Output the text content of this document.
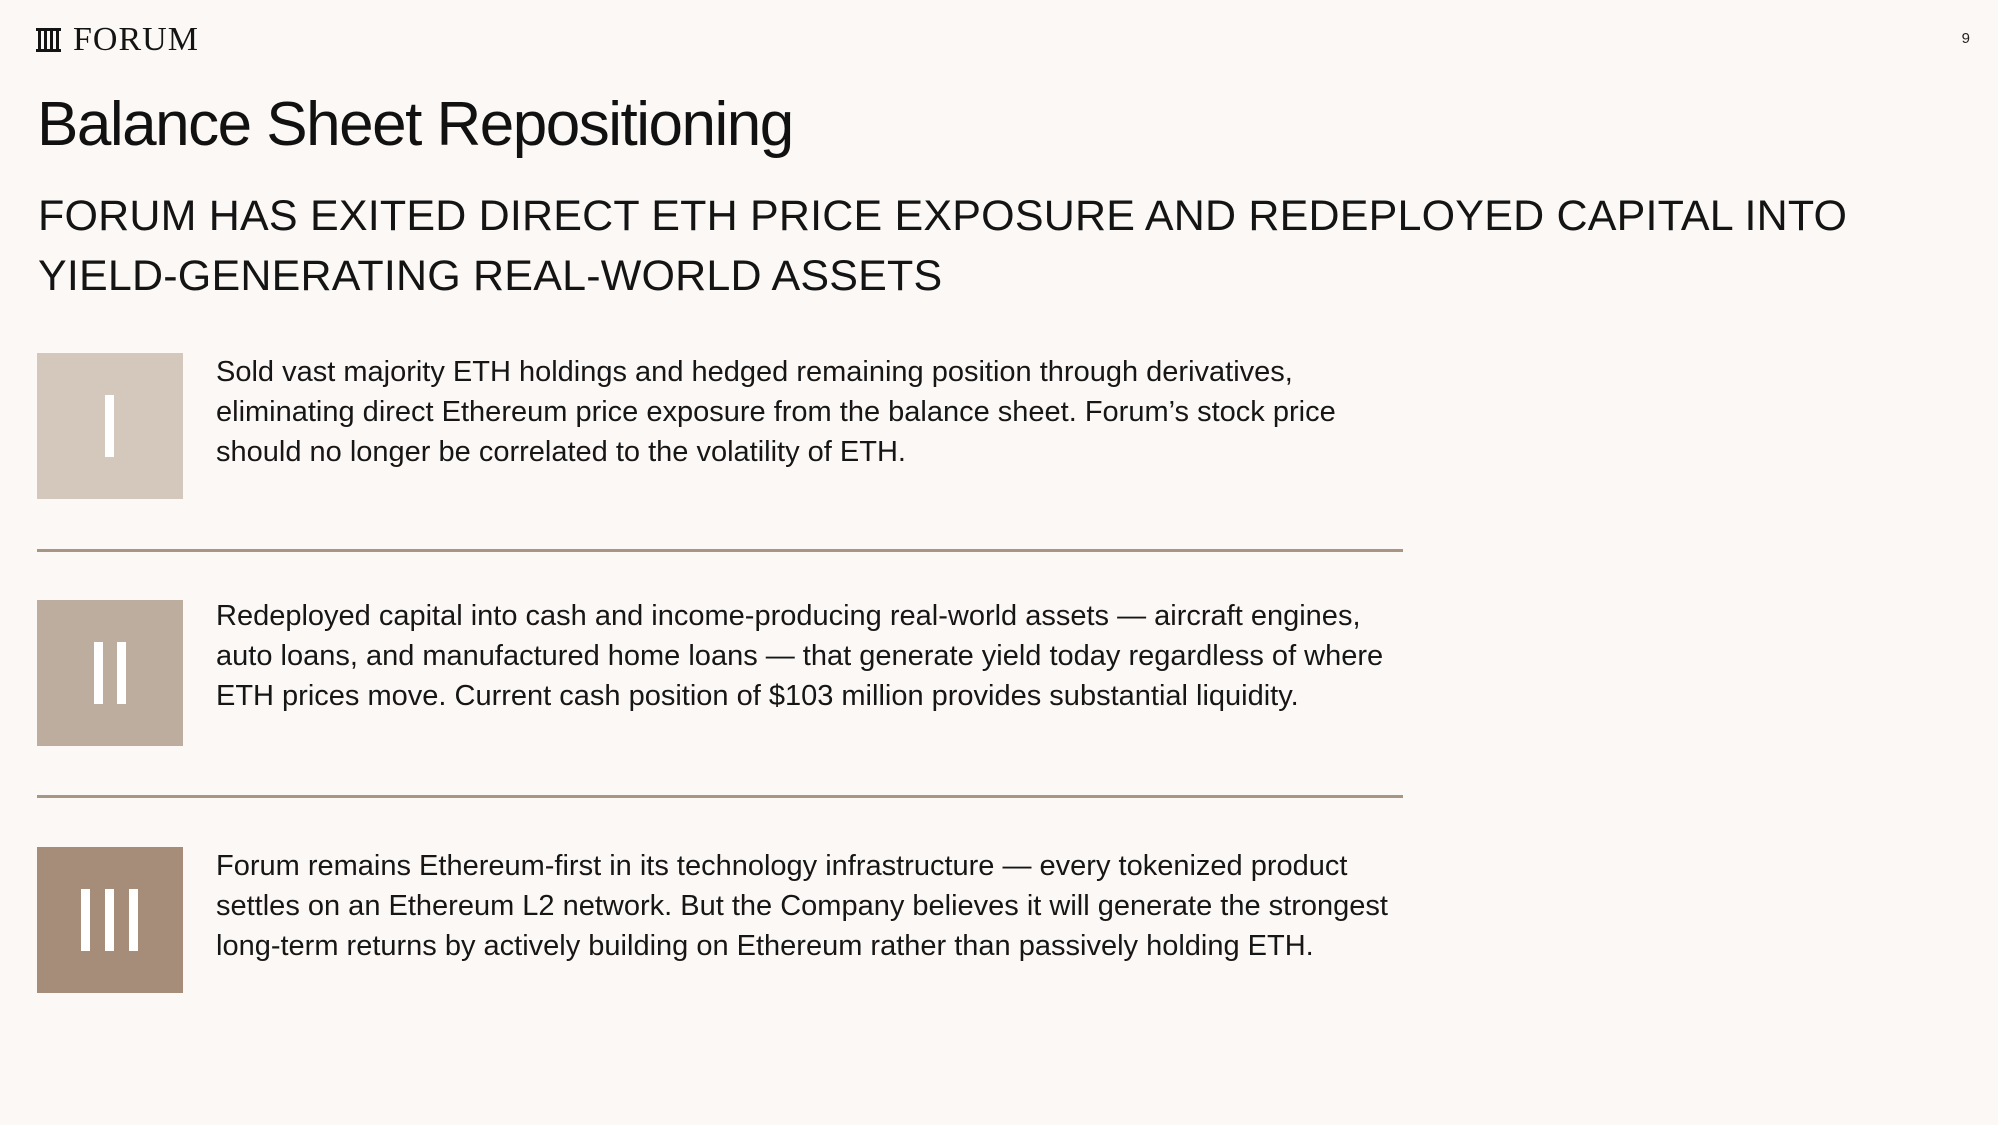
FORUM	9
Balance Sheet Repositioning
FORUM HAS EXITED DIRECT ETH PRICE EXPOSURE AND REDEPLOYED CAPITAL INTO YIELD-GENERATING REAL-WORLD ASSETS

Sold vast majority ETH holdings and hedged remaining position through derivatives, eliminating direct Ethereum price exposure from the balance sheet. Forum’s stock price should no longer be correlated to the volatility of ETH.

Redeployed capital into cash and income-producing real-world assets — aircraft engines, auto loans, and manufactured home loans — that generate yield today regardless of where ETH prices move. Current cash position of $103 million provides substantial liquidity.

Forum remains Ethereum-first in its technology infrastructure — every tokenized product settles on an Ethereum L2 network. But the Company believes it will generate the strongest long-term returns by actively building on Ethereum rather than passively holding ETH.
